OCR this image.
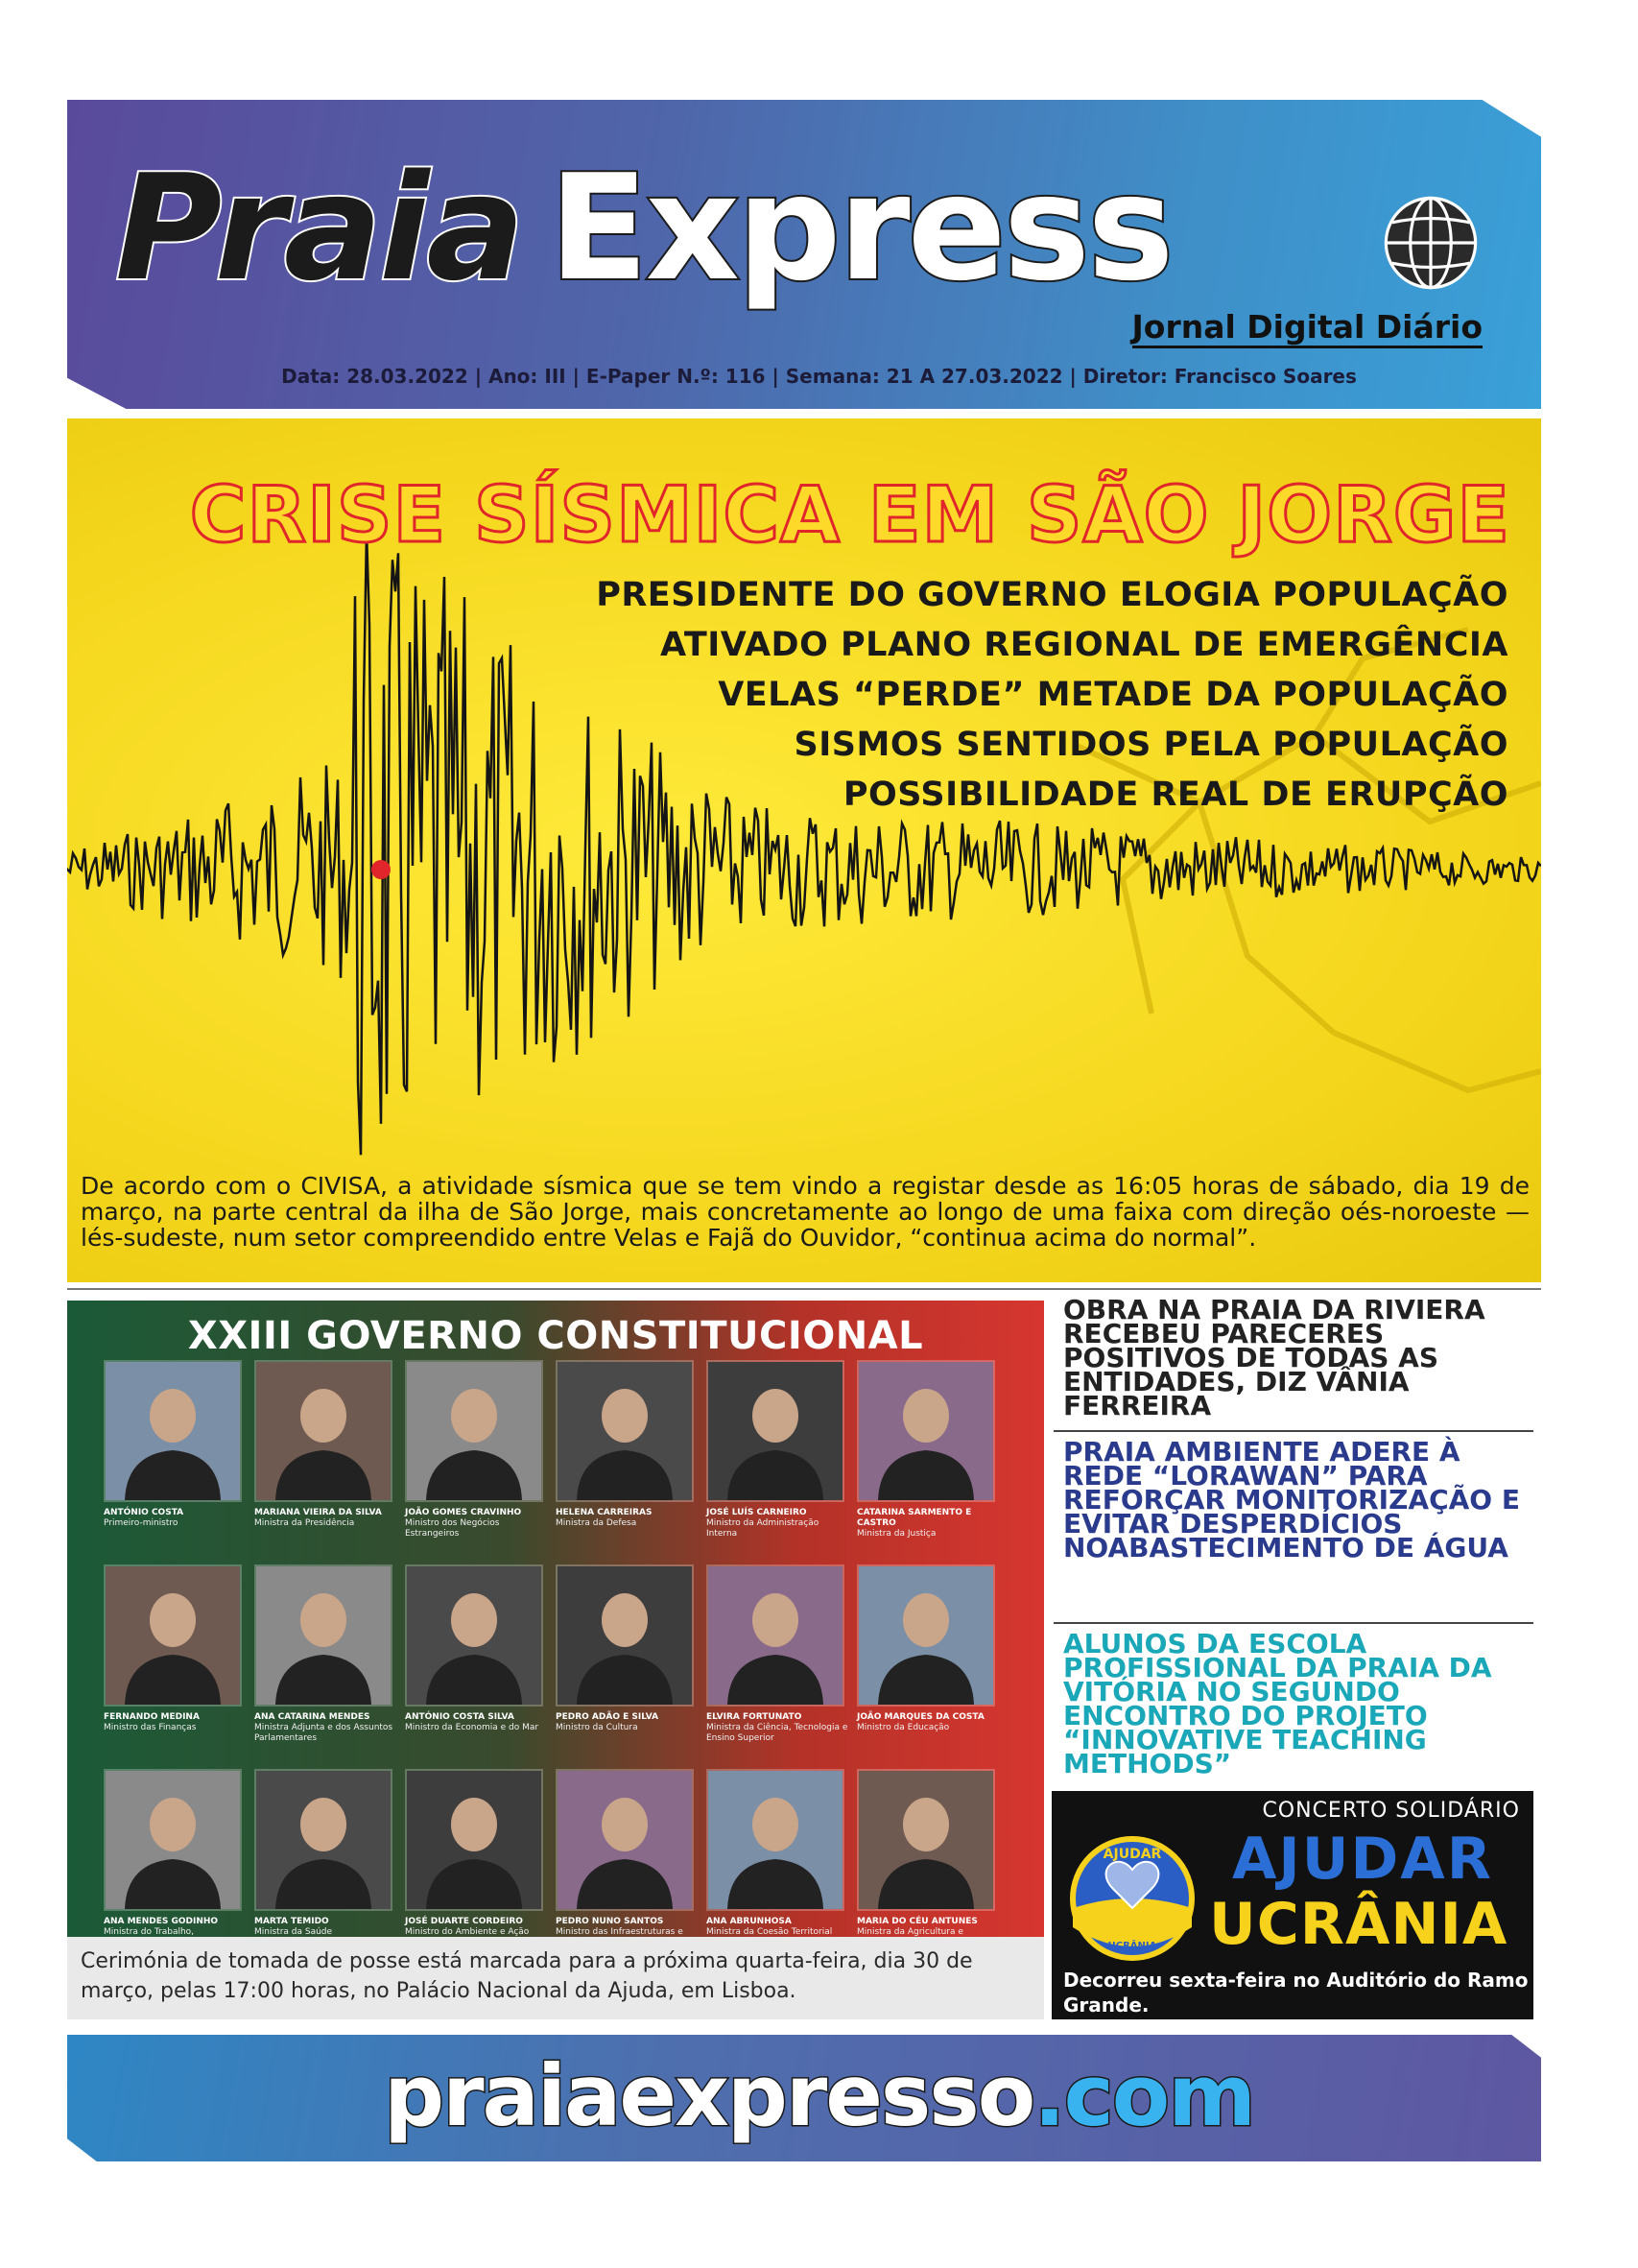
Praia Express
Jornal Digital Diário
Data: 28.03.2022 | Ano: III | E-Paper N.º: 116 | Semana: 21 A 27.03.2022 | Diretor: Francisco Soares
CRISE SÍSMICA EM SÃO JORGE
PRESIDENTE DO GOVERNO ELOGIA POPULAÇÃO
ATIVADO PLANO REGIONAL DE EMERGÊNCIA
VELAS “PERDE” METADE DA POPULAÇÃO
SISMOS SENTIDOS PELA POPULAÇÃO
POSSIBILIDADE REAL DE ERUPÇÃO
De acordo com o CIVISA, a atividade sísmica que se tem vindo a registar desde as 16:05 horas de sábado, dia 19 de março, na parte central da ilha de São Jorge, mais concretamente ao longo de uma faixa com direção oés-noroeste — lés-sudeste, num setor compreendido entre Velas e Fajã do Ouvidor, “continua acima do normal”.
XXIII GOVERNO CONSTITUCIONAL
ANTÓNIO COSTA
Primeiro-ministro
MARIANA VIEIRA DA SILVA
Ministra da Presidência
JOÃO GOMES CRAVINHO
Ministro dos Negócios Estrangeiros
HELENA CARREIRAS
Ministra da Defesa
JOSÉ LUÍS CARNEIRO
Ministro da Administração Interna
CATARINA SARMENTO E CASTRO
Ministra da Justiça
FERNANDO MEDINA
Ministro das Finanças
ANA CATARINA MENDES
Ministra Adjunta e dos Assuntos Parlamentares
ANTÓNIO COSTA SILVA
Ministro da Economia e do Mar
PEDRO ADÃO E SILVA
Ministro da Cultura
ELVIRA FORTUNATO
Ministra da Ciência, Tecnologia e Ensino Superior
JOÃO MARQUES DA COSTA
Ministro da Educação
ANA MENDES GODINHO
Ministra do Trabalho,
MARTA TEMIDO
Ministra da Saúde
JOSÉ DUARTE CORDEIRO
Ministro do Ambiente e Ação
PEDRO NUNO SANTOS
Ministro das Infraestruturas e
ANA ABRUNHOSA
Ministra da Coesão Territorial
MARIA DO CÉU ANTUNES
Ministra da Agricultura e
Cerimónia de tomada de posse está marcada para a próxima quarta-feira, dia 30 de março, pelas 17:00 horas, no Palácio Nacional da Ajuda, em Lisboa.
OBRA NA PRAIA DA RIVIERA RECEBEU PARECERES POSITIVOS DE TODAS AS ENTIDADES, DIZ VÂNIA FERREIRA
PRAIA AMBIENTE ADERE À REDE “LORAWAN” PARA REFORÇAR MONITORIZAÇÃO E EVITAR DESPERDÍCIOS NOABASTECIMENTO DE ÁGUA
ALUNOS DA ESCOLA PROFISSIONAL DA PRAIA DA VITÓRIA NO SEGUNDO ENCONTRO DO PROJETO “INNOVATIVE TEACHING METHODS”
CONCERTO SOLIDÁRIO
AJUDAR
UCRÂNIA
AJUDAR
UCRÂNIA
Decorreu sexta-feira no Auditório do Ramo Grande.
praiaexpresso.com
